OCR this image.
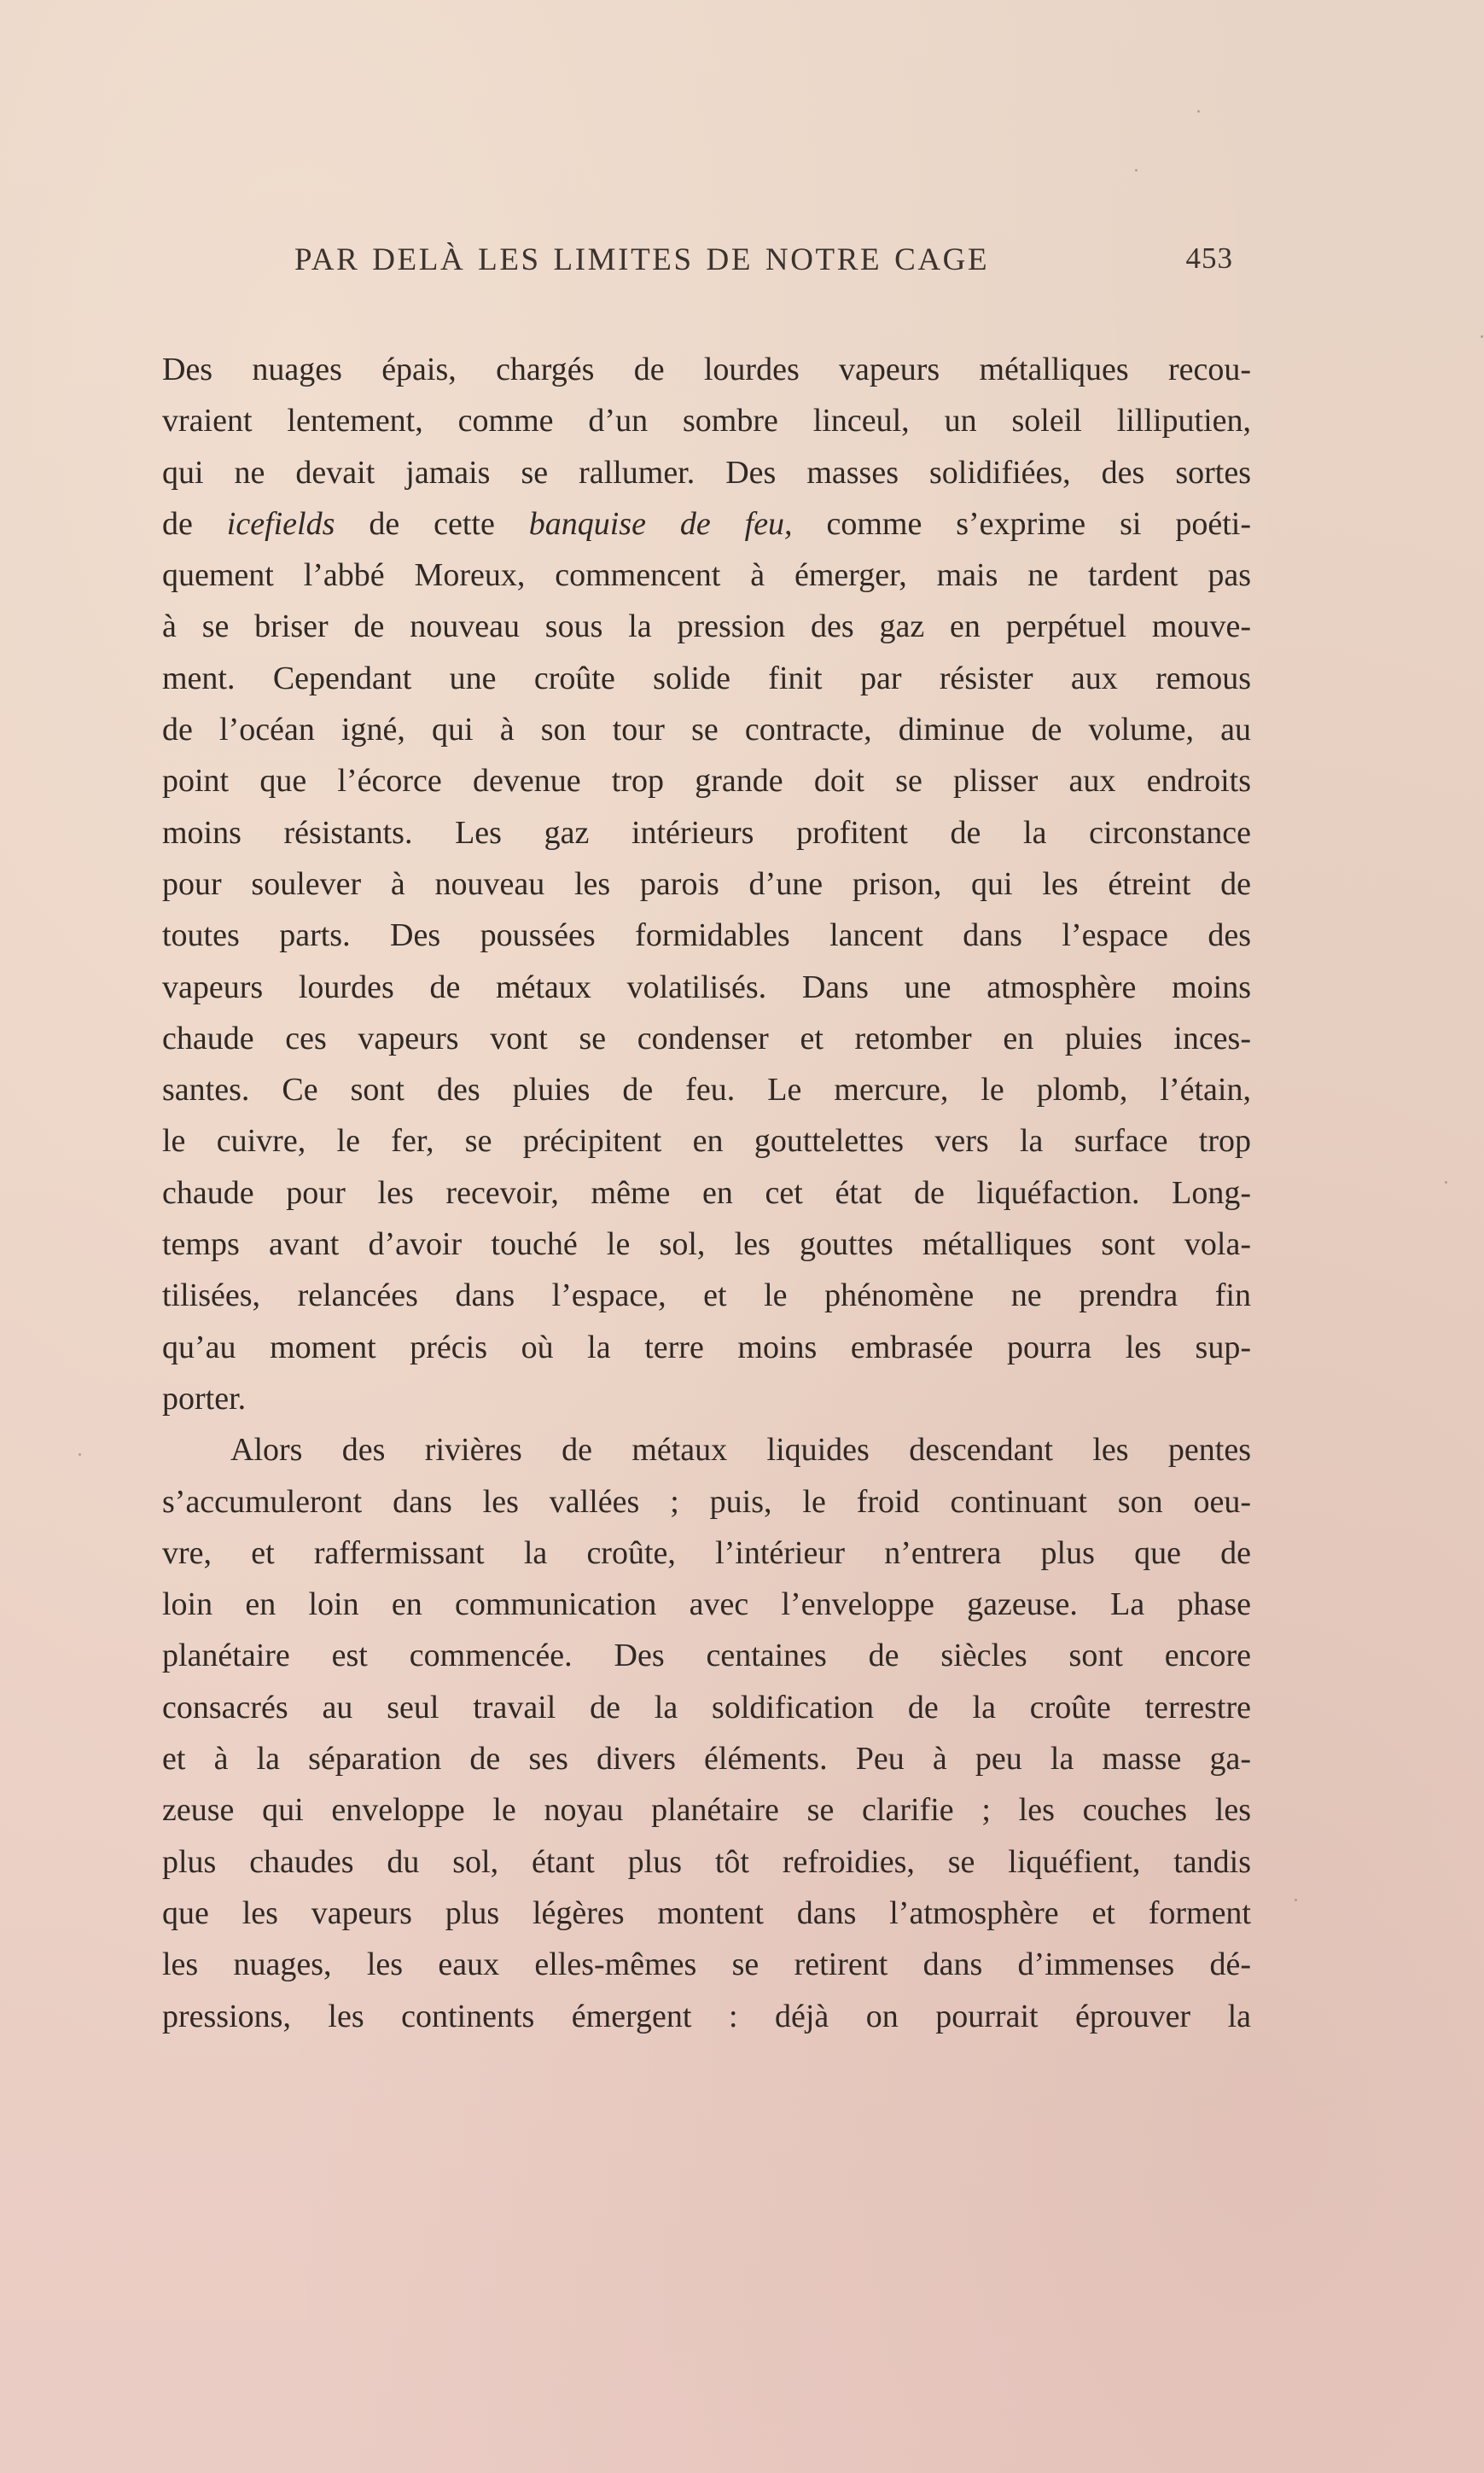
PAR DELÀ LES LIMITES DE NOTRE CAGE	453

Des nuages épais, chargés de lourdes vapeurs métalliques recou-
vraient lentement, comme d’un sombre linceul, un soleil lilliputien,
qui ne devait jamais se rallumer. Des masses solidifiées, des sortes
de icefields de cette banquise de feu, comme s’exprime si poéti-
quement l’abbé Moreux, commencent à émerger, mais ne tardent pas
à se briser de nouveau sous la pression des gaz en perpétuel mouve-
ment. Cependant une croûte solide finit par résister aux remous
de l’océan igné, qui à son tour se contracte, diminue de volume, au
point que l’écorce devenue trop grande doit se plisser aux endroits
moins résistants. Les gaz intérieurs profitent de la circonstance
pour soulever à nouveau les parois d’une prison, qui les étreint de
toutes parts. Des poussées formidables lancent dans l’espace des
vapeurs lourdes de métaux volatilisés. Dans une atmosphère moins
chaude ces vapeurs vont se condenser et retomber en pluies inces-
santes. Ce sont des pluies de feu. Le mercure, le plomb, l’étain,
le cuivre, le fer, se précipitent en gouttelettes vers la surface trop
chaude pour les recevoir, même en cet état de liquéfaction. Long-
temps avant d’avoir touché le sol, les gouttes métalliques sont vola-
tilisées, relancées dans l’espace, et le phénomène ne prendra fin
qu’au moment précis où la terre moins embrasée pourra les sup-
porter.

Alors des rivières de métaux liquides descendant les pentes
s’accumuleront dans les vallées ; puis, le froid continuant son oeu-
vre, et raffermissant la croûte, l’intérieur n’entrera plus que de
loin en loin en communication avec l’enveloppe gazeuse. La phase
planétaire est commencée. Des centaines de siècles sont encore
consacrés au seul travail de la soldification de la croûte terrestre
et à la séparation de ses divers éléments. Peu à peu la masse ga-
zeuse qui enveloppe le noyau planétaire se clarifie ; les couches les
plus chaudes du sol, étant plus tôt refroidies, se liquéfient, tandis
que les vapeurs plus légères montent dans l’atmosphère et forment
les nuages, les eaux elles-mêmes se retirent dans d’immenses dé-
pressions, les continents émergent : déjà on pourrait éprouver la
